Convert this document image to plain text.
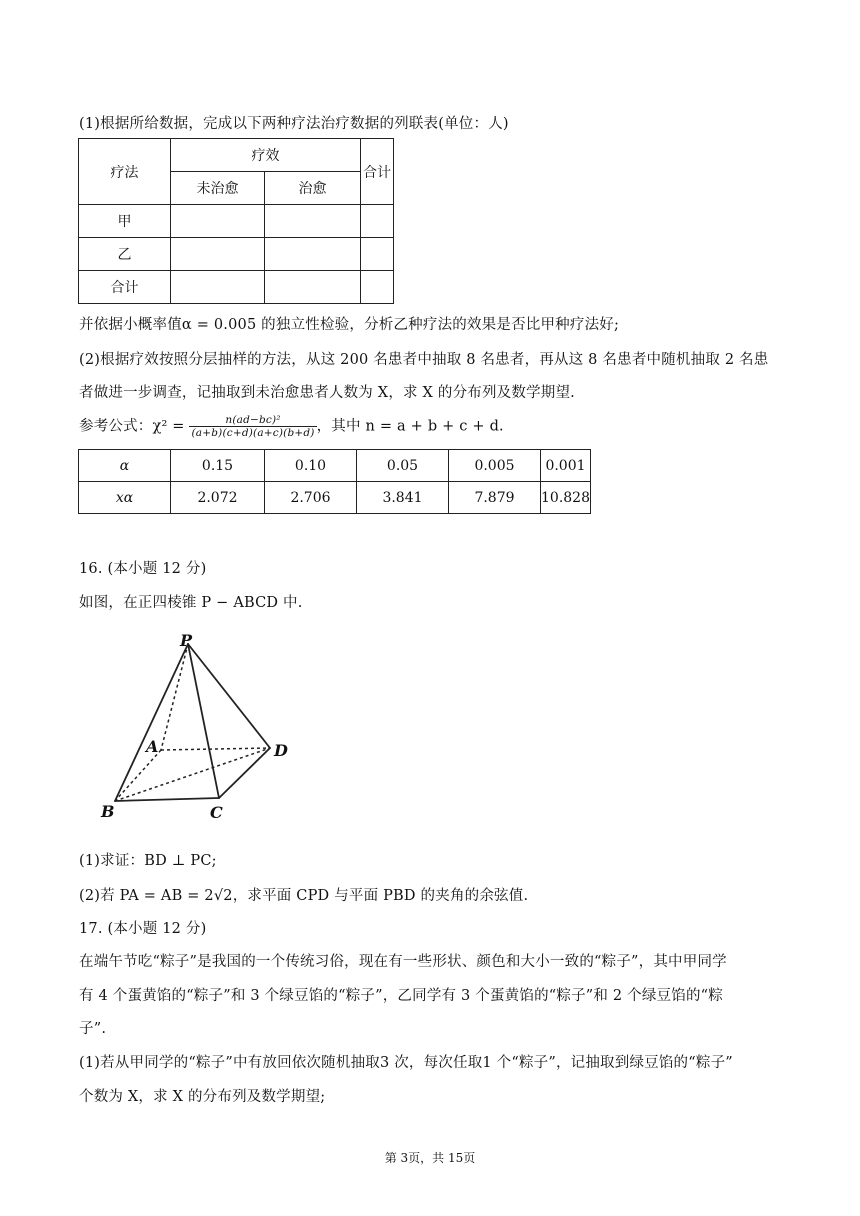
(1)根据所给数据，完成以下两种疗法治疗数据的列联表(单位：人)
疗法	疗效		合计
	未治愈	治愈	
甲			
乙			
合计			
并依据小概率值α = 0.005 的独立性检验，分析乙种疗法的效果是否比甲种疗法好;
(2)根据疗效按照分层抽样的方法，从这 200 名患者中抽取 8 名患者，再从这 8 名患者中随机抽取 2 名患
者做进一步调查，记抽取到未治愈患者人数为 X，求 X 的分布列及数学期望.
参考公式：$\chi^2 = \frac{\text{n(ad−bc)²}}{(a+b)(c+d)(a+c)(b+d)}$ ，其中 n = a + b + c + d.
α	0.15	0.10	0.05	0.005	0.001
xα	2.072	2.706	3.841	7.879	10.828
16. (本小题 12 分)
如图，在正四棱锥 P − ABCD 中.
P
A
B	C
D
(1)求证：BD ⊥ PC;
(2)若 PA = AB = 2√2，求平面 CPD 与平面 PBD 的夹角的余弦值.
17. (本小题 12 分)
在端午节吃“粽子”是我国的一个传统习俗，现在有一些形状、颜色和大小一致的“粽子”，其中甲同学
有 4 个蛋黄馅的“粽子”和 3 个绿豆馅的“粽子”，乙同学有 3 个蛋黄馅的“粽子”和 2 个绿豆馅的“粽
子”.
(1)若从甲同学的“粽子”中有放回依次随机抽取3 次，每次任取1 个“粽子”，记抽取到绿豆馅的“粽子”
个数为 X，求 X 的分布列及数学期望;
第 3页，共 15页
